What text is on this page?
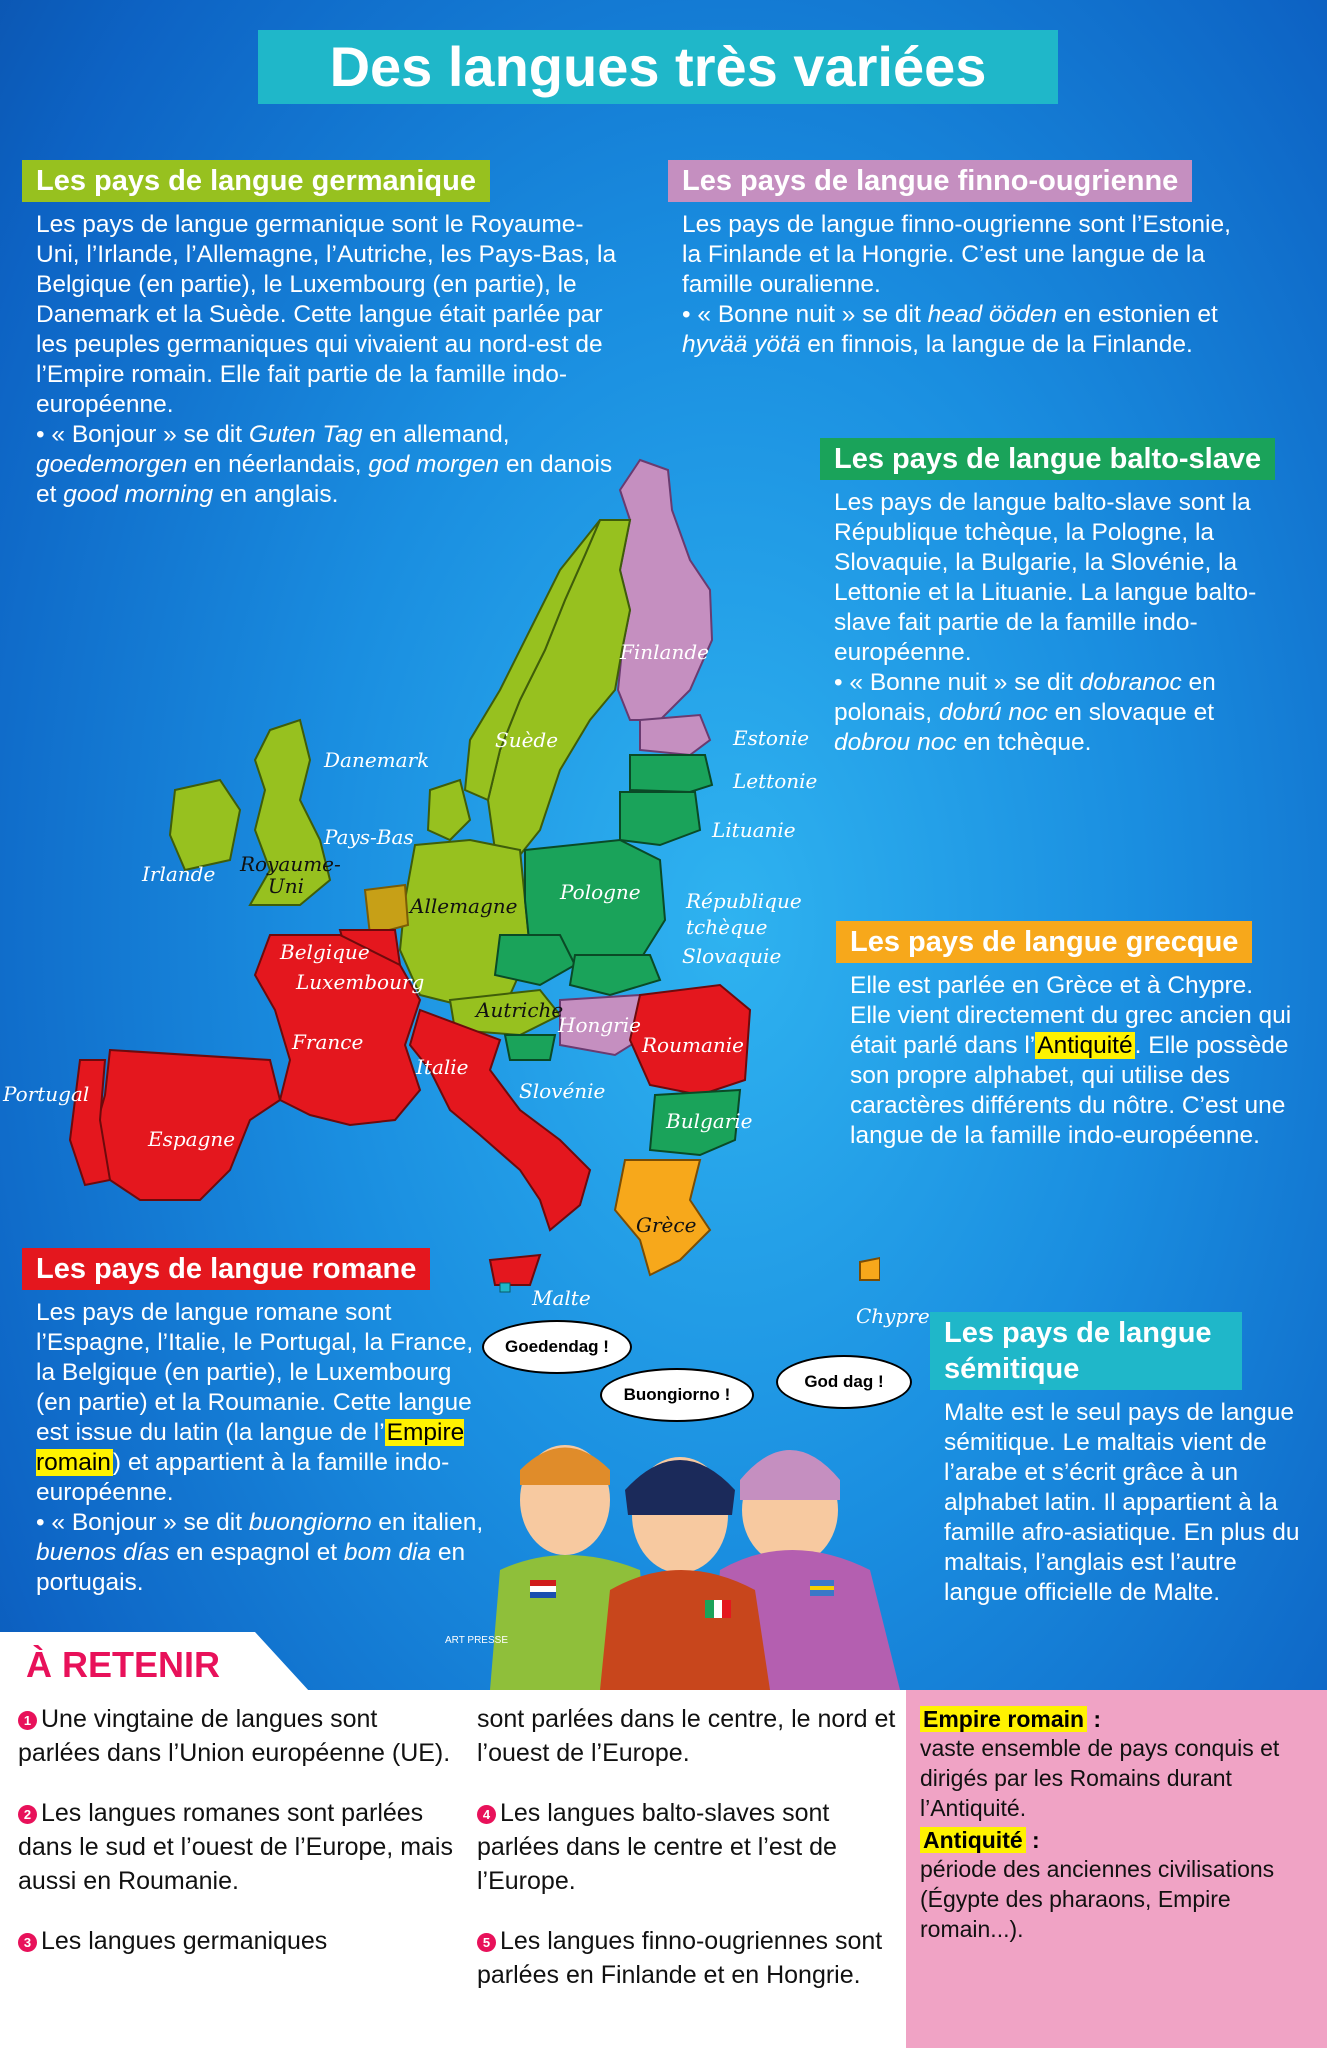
Des langues très variées
Finlande
Suède
Danemark
Estonie
Lettonie
Lituanie
Pays-Bas
Irlande Royaume-Uni
Allemagne
Pologne République tchèque
Slovaquie
Belgique
Luxembourg
Autriche
Hongrie
France	Roumanie
Italie
Slovénie
Portugal
Espagne
Bulgarie
Grèce
Malte
Chypre
Les pays de langue germanique
Les pays de langue germanique sont le Royaume-Uni, l’Irlande, l’Allemagne, l’Autriche, les Pays-Bas, la Belgique (en partie), le Luxembourg (en partie), le Danemark et la Suède. Cette langue était parlée par les peuples germaniques qui vivaient au nord-est de l’Empire romain. Elle fait partie de la famille indo-européenne.
• « Bonjour » se dit Guten Tag en allemand, goedemorgen en néerlandais, god morgen en danois et good morning en anglais.
Les pays de langue finno-ougrienne
Les pays de langue finno-ougrienne sont l’Estonie, la Finlande et la Hongrie. C’est une langue de la famille ouralienne.
• « Bonne nuit » se dit head ööden en estonien et hyvää yötä en finnois, la langue de la Finlande.
Les pays de langue balto-slave
Les pays de langue balto-slave sont la République tchèque, la Pologne, la Slovaquie, la Bulgarie, la Slovénie, la Lettonie et la Lituanie. La langue balto-slave fait partie de la famille indo-européenne.
• « Bonne nuit » se dit dobranoc en polonais, dobrú noc en slovaque et dobrou noc en tchèque.
Les pays de langue grecque
Elle est parlée en Grèce et à Chypre. Elle vient directement du grec ancien qui était parlé dans l’Antiquité. Elle possède son propre alphabet, qui utilise des caractères différents du nôtre. C’est une langue de la famille indo-européenne.
Les pays de langue romane
Les pays de langue romane sont l’Espagne, l’Italie, le Portugal, la France, la Belgique (en partie), le Luxembourg (en partie) et la Roumanie. Cette langue est issue du latin (la langue de l’Empire romain) et appartient à la famille indo-européenne.
• « Bonjour » se dit buongiorno en italien, buenos días en espagnol et bom dia en portugais.
Les pays de langue
sémitique
Malte est le seul pays de langue sémitique. Le maltais vient de l’arabe et s’écrit grâce à un alphabet latin. Il appartient à la famille afro-asiatique. En plus du maltais, l’anglais est l’autre langue officielle de Malte.
Goedendag !
Buongiorno !
God dag !
ART PRESSE
À RETENIR
1 Une vingtaine de langues sont parlées dans l’Union européenne (UE).
2 Les langues romanes sont parlées dans le sud et l’ouest de l’Europe, mais aussi en Roumanie.
3 Les langues germaniques
sont parlées dans le centre, le nord et l’ouest de l’Europe.
4 Les langues balto-slaves sont parlées dans le centre et l’est de l’Europe.
5 Les langues finno-ougriennes sont parlées en Finlande et en Hongrie.
Empire romain :
vaste ensemble de pays conquis et dirigés par les Romains durant l’Antiquité.
Antiquité :
période des anciennes civilisations (Égypte des pharaons, Empire romain...).
